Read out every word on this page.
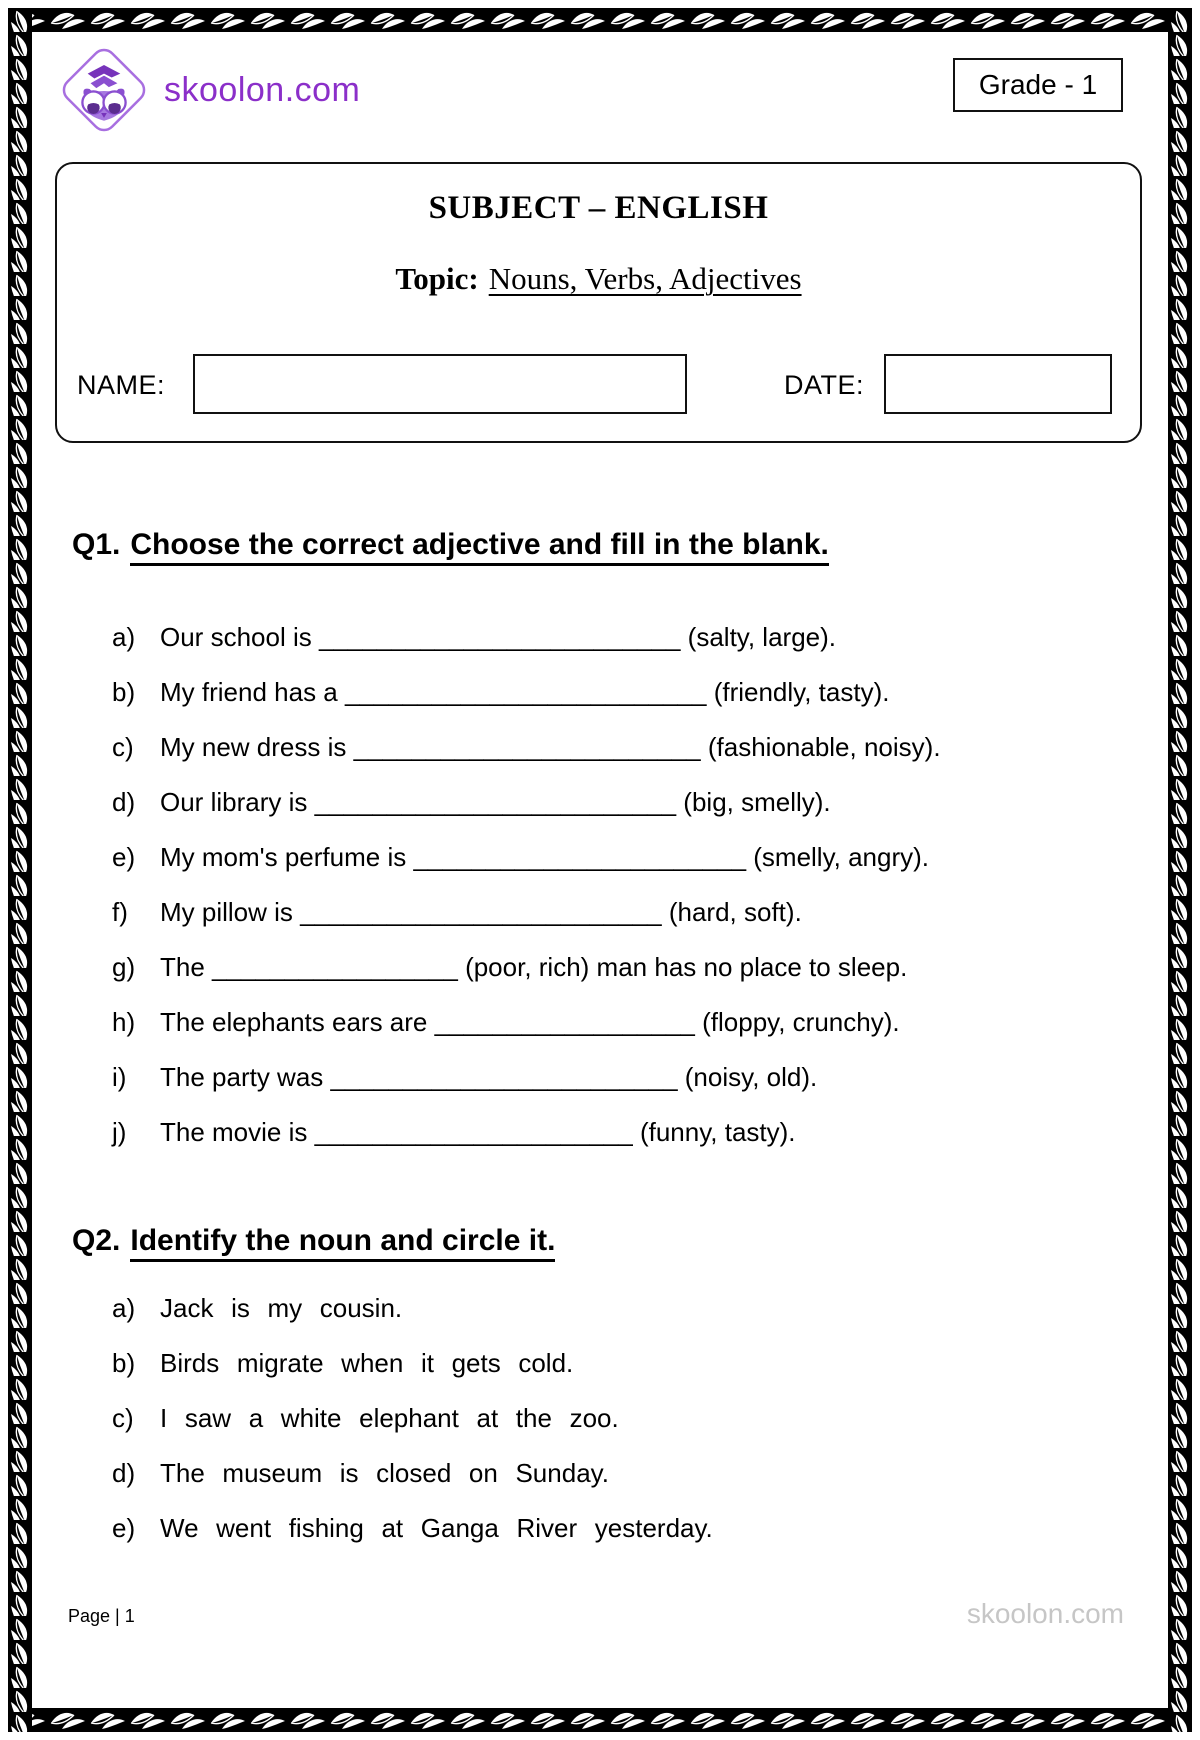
skoolon.com	Grade - 1
SUBJECT – ENGLISH
Topic: Nouns, Verbs, Adjectives
NAME:	DATE:
Q1. Choose the correct adjective and fill in the blank.
a) Our school is _________________________ (salty, large).
b) My friend has a _________________________ (friendly, tasty).
c)	My new dress is ________________________ (fashionable, noisy).
d) Our library is _________________________ (big, smelly).
e) My mom's perfume is _______________________ (smelly, angry).
f)	My pillow is _________________________ (hard, soft).
g) The _________________ (poor, rich) man has no place to sleep.
h) The elephants ears are __________________ (floppy, crunchy).
i)	The party was ________________________ (noisy, old).
j)	The movie is ______________________ (funny, tasty).
Q2. Identify the noun and circle it.
a) Jack is my cousin.
b) Birds migrate when it gets cold.
c)	I saw a white elephant at the zoo.
d) The museum is closed on Sunday.
e) We went fishing at Ganga River yesterday.
Page | 1	skoolon.com
